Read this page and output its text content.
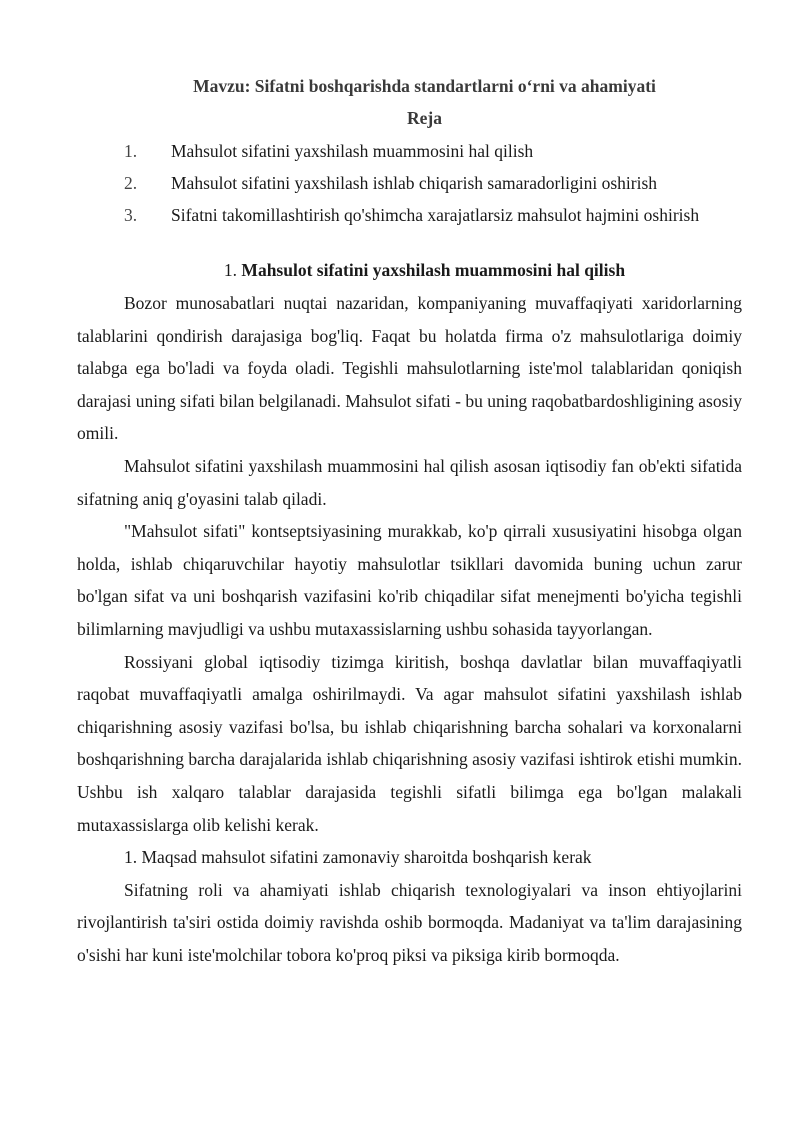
Mavzu: Sifatni boshqarishda standartlarni o‘rni va ahamiyati
Reja
1.	Mahsulot sifatini yaxshilash muammosini hal qilish
2.	Mahsulot sifatini yaxshilash ishlab chiqarish samaradorligini oshirish
3.	Sifatni takomillashtirish qo'shimcha xarajatlarsiz mahsulot hajmini oshirish
1. Mahsulot sifatini yaxshilash muammosini hal qilish

Bozor munosabatlari nuqtai nazaridan, kompaniyaning muvaffaqiyati xaridorlarning talablarini qondirish darajasiga bog'liq. Faqat bu holatda firma o'z mahsulotlariga doimiy talabga ega bo'ladi va foyda oladi. Tegishli mahsulotlarning iste'mol talablaridan qoniqish darajasi uning sifati bilan belgilanadi. Mahsulot sifati - bu uning raqobatbardoshligining asosiy omili.

Mahsulot sifatini yaxshilash muammosini hal qilish asosan iqtisodiy fan ob'ekti sifatida sifatning aniq g'oyasini talab qiladi.

"Mahsulot sifati" kontseptsiyasining murakkab, ko'p qirrali xususiyatini hisobga olgan holda, ishlab chiqaruvchilar hayotiy mahsulotlar tsikllari davomida buning uchun zarur bo'lgan sifat va uni boshqarish vazifasini ko'rib chiqadilar sifat menejmenti bo'yicha tegishli bilimlarning mavjudligi va ushbu mutaxassislarning ushbu sohasida tayyorlangan.

Rossiyani global iqtisodiy tizimga kiritish, boshqa davlatlar bilan muvaffaqiyatli raqobat muvaffaqiyatli amalga oshirilmaydi. Va agar mahsulot sifatini yaxshilash ishlab chiqarishning asosiy vazifasi bo'lsa, bu ishlab chiqarishning barcha sohalari va korxonalarni boshqarishning barcha darajalarida ishlab chiqarishning asosiy vazifasi ishtirok etishi mumkin. Ushbu ish xalqaro talablar darajasida tegishli sifatli bilimga ega bo'lgan malakali mutaxassislarga olib kelishi kerak.

1. Maqsad mahsulot sifatini zamonaviy sharoitda boshqarish kerak

Sifatning roli va ahamiyati ishlab chiqarish texnologiyalari va inson ehtiyojlarini rivojlantirish ta'siri ostida doimiy ravishda oshib bormoqda. Madaniyat va ta'lim darajasining o'sishi har kuni iste'molchilar tobora ko'proq piksi va piksiga kirib bormoqda.
